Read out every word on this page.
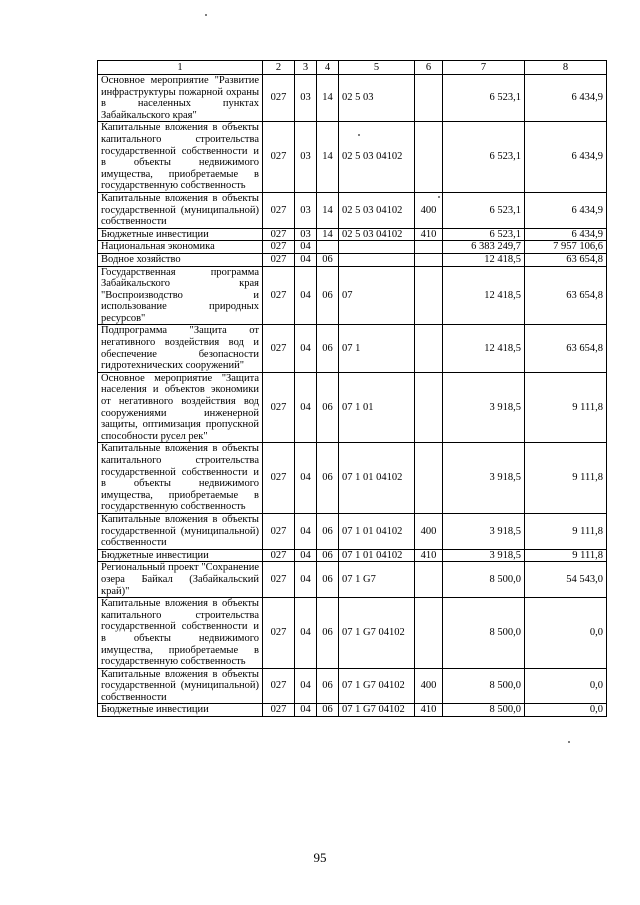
1	2	3	4	5	6	7	8
Основное мероприятие "Развитие инфраструктуры пожарной охраны в населенных пунктах Забайкальского края"	027	03	14	02 5 03		6 523,1	6 434,9
Капитальные вложения в объекты капитального строительства государственной собственности и в объекты недвижимого имущества, приобретаемые в государственную собственность	027	03	14	02 5 03 04102		6 523,1	6 434,9
Капитальные вложения в объекты государственной (муниципальной) собственности	027	03	14	02 5 03 04102	400	6 523,1	6 434,9
Бюджетные инвестиции	027	03	14	02 5 03 04102	410	6 523,1	6 434,9
Национальная экономика	027	04				6 383 249,7	7 957 106,6
Водное хозяйство	027	04	06			12 418,5	63 654,8
Государственная программа Забайкальского края "Воспроизводство и использование природных ресурсов"	027	04	06	07		12 418,5	63 654,8
Подпрограмма "Защита от негативного воздействия вод и обеспечение безопасности гидротехнических сооружений"	027	04	06	07 1		12 418,5	63 654,8
Основное мероприятие "Защита населения и объектов экономики от негативного воздействия вод сооружениями инженерной защиты, оптимизация пропускной способности русел рек"	027	04	06	07 1 01		3 918,5	9 111,8
Капитальные вложения в объекты капитального строительства государственной собственности и в объекты недвижимого имущества, приобретаемые в государственную собственность	027	04	06	07 1 01 04102		3 918,5	9 111,8
Капитальные вложения в объекты государственной (муниципальной) собственности	027	04	06	07 1 01 04102	400	3 918,5	9 111,8
Бюджетные инвестиции	027	04	06	07 1 01 04102	410	3 918,5	9 111,8
Региональный проект "Сохранение озера Байкал (Забайкальский край)"	027	04	06	07 1 G7		8 500,0	54 543,0
Капитальные вложения в объекты капитального строительства государственной собственности и в объекты недвижимого имущества, приобретаемые в государственную собственность	027	04	06	07 1 G7 04102		8 500,0	0,0
Капитальные вложения в объекты государственной (муниципальной) собственности	027	04	06	07 1 G7 04102	400	8 500,0	0,0
Бюджетные инвестиции	027	04	06	07 1 G7 04102	410	8 500,0	0,0
95
